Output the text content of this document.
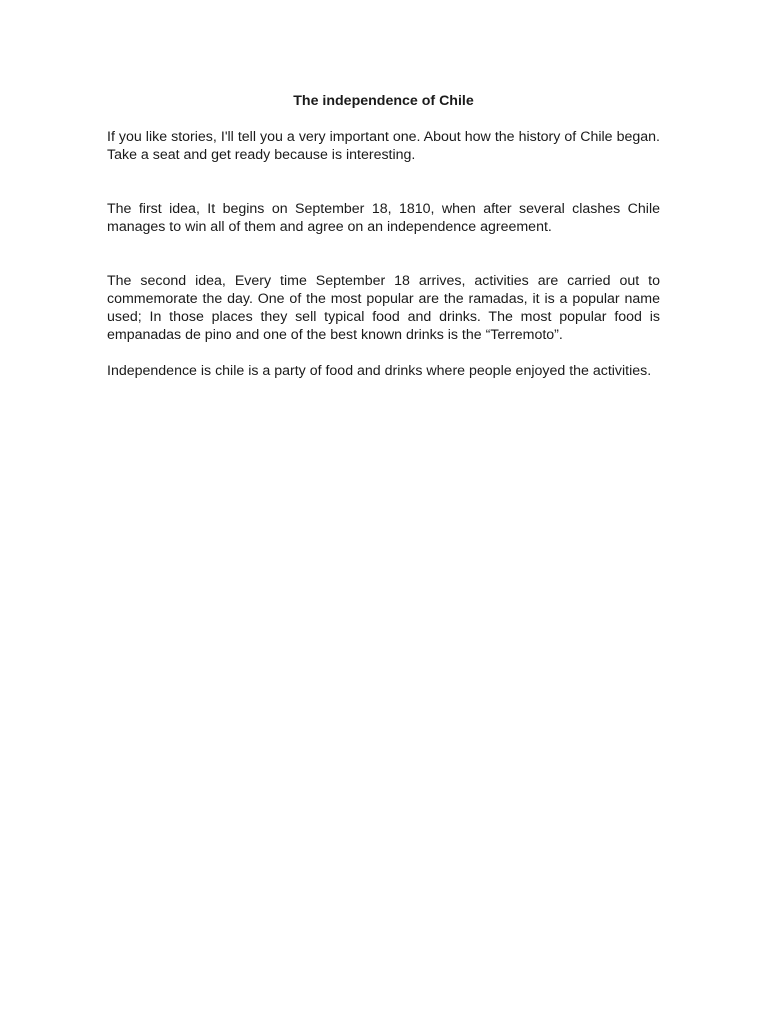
The independence of Chile

If you like stories, I'll tell you a very important one. About how the history of Chile began. Take a seat and get ready because is interesting.

The first idea, It begins on September 18, 1810, when after several clashes Chile manages to win all of them and agree on an independence agreement.

The second idea, Every time September 18 arrives, activities are carried out to commemorate the day. One of the most popular are the ramadas, it is a popular name used; In those places they sell typical food and drinks. The most popular food is empanadas de pino and one of the best known drinks is the “Terremoto”.

Independence is chile is a party of food and drinks where people enjoyed the activities.
